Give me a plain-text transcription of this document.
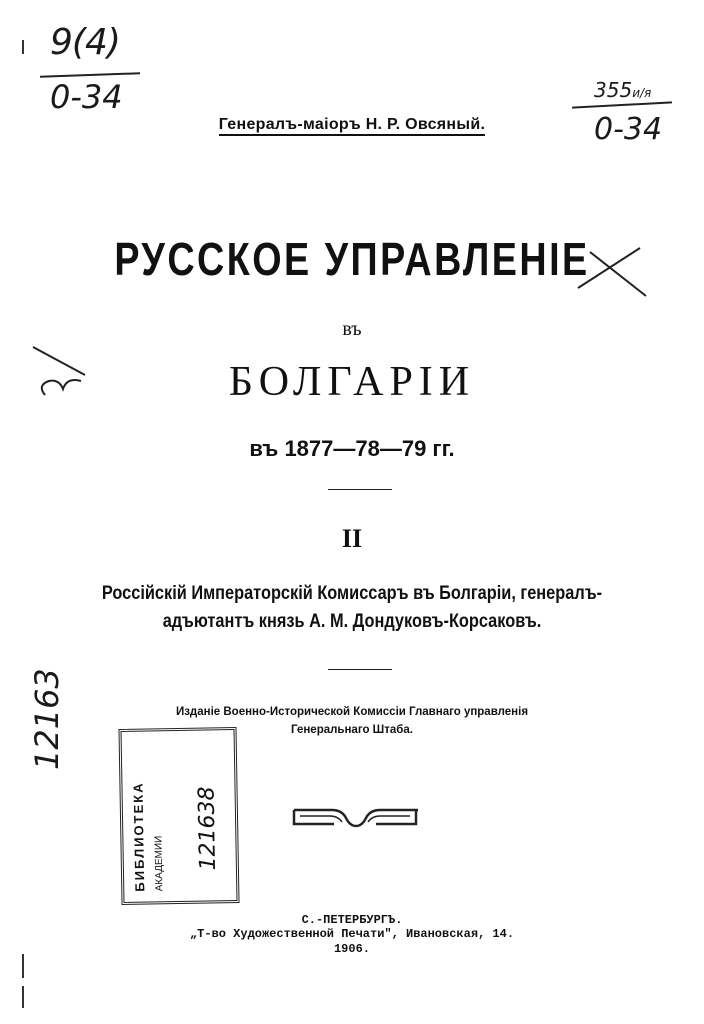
9(4)
0-34	355и/я
0-34
12163
Генералъ-маіоръ Н. Р. Овсяный.
РУССКОЕ УПРАВЛЕНІЕ
въ
БОЛГАРІИ
въ 1877—78—79 гг.
II
Россійскій Императорскій Комиссаръ въ Болгаріи, генералъ-
адъютантъ князь А. М. Дондуковъ-Корсаковъ.
Изданіе Военно-Исторической Комиссіи Главнаго управленія
Генеральнаго Штаба.
БИБЛИОТЕКА АКАДЕМИИ 121638
С.-ПЕТЕРБУРГЪ.
„Т-во Художественной Печати", Ивановская, 14.
1906.
